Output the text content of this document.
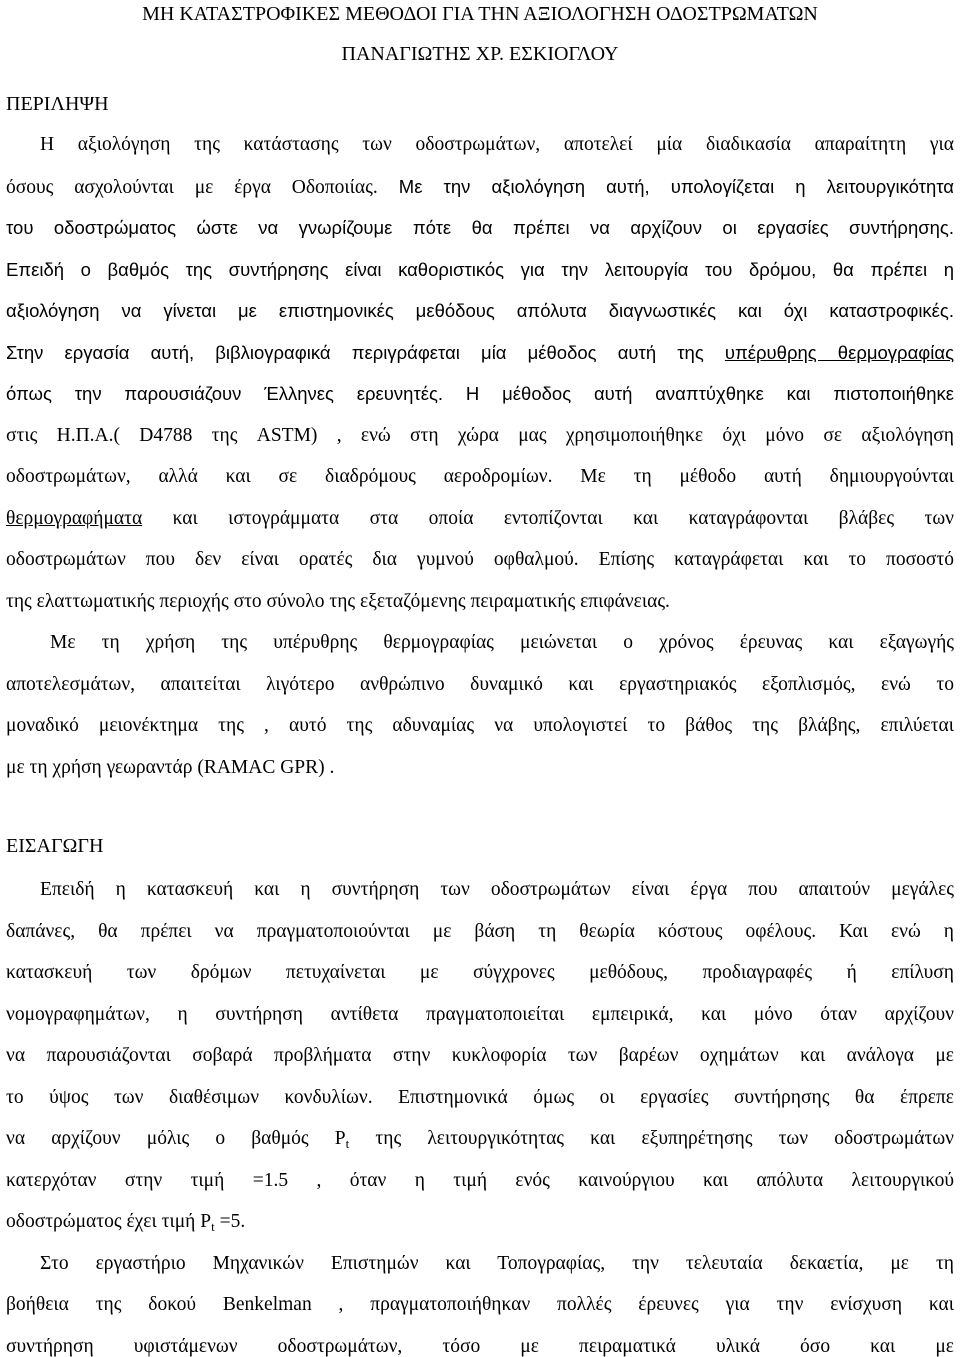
ΜΗ ΚΑΤΑΣΤΡΟΦΙΚΕΣ ΜΕΘΟΔΟΙ ΓΙΑ ΤΗΝ ΑΞΙΟΛΟΓΗΣΗ ΟΔΟΣΤΡΩΜΑΤΩΝ
ΠΑΝΑΓΙΩΤΗΣ ΧΡ. ΕΣΚΙΟΓΛΟΥ
ΠΕΡΙΛΗΨΗ
Η αξιολόγηση της κατάστασης των οδοστρωμάτων, αποτελεί μία διαδικασία απαραίτητη για
όσους ασχολούνται με έργα Οδοποιίας. Με την αξιολόγηση αυτή, υπολογίζεται η λειτουργικότητα
του οδοστρώματος ώστε να γνωρίζουμε πότε θα πρέπει να αρχίζουν οι εργασίες συντήρησης.
Επειδή ο βαθμός της συντήρησης είναι καθοριστικός για την λειτουργία του δρόμου, θα πρέπει η
αξιολόγηση να γίνεται με επιστημονικές μεθόδους απόλυτα διαγνωστικές και όχι καταστροφικές.
Στην εργασία αυτή, βιβλιογραφικά περιγράφεται μία μέθοδος αυτή της υπέρυθρης θερμογραφίας
όπως την παρουσιάζουν Έλληνες ερευνητές. Η μέθοδος αυτή αναπτύχθηκε και πιστοποιήθηκε
στις Η.Π.Α.( D4788 της ASTM) , ενώ στη χώρα μας χρησιμοποιήθηκε όχι μόνο σε αξιολόγηση
οδοστρωμάτων, αλλά και σε διαδρόμους αεροδρομίων. Με τη μέθοδο αυτή δημιουργούνται
θερμογραφήματα και ιστογράμματα στα οποία εντοπίζονται και καταγράφονται βλάβες των
οδοστρωμάτων που δεν είναι ορατές δια γυμνού οφθαλμού. Επίσης καταγράφεται και το ποσοστό
της ελαττωματικής περιοχής στο σύνολο της εξεταζόμενης πειραματικής επιφάνειας.
Με τη χρήση της υπέρυθρης θερμογραφίας μειώνεται ο χρόνος έρευνας και εξαγωγής
αποτελεσμάτων, απαιτείται λιγότερο ανθρώπινο δυναμικό και εργαστηριακός εξοπλισμός, ενώ το
μοναδικό μειονέκτημα της , αυτό της αδυναμίας να υπολογιστεί το βάθος της βλάβης, επιλύεται
με τη χρήση γεωραντάρ (RAMAC GPR) .
ΕΙΣΑΓΩΓΗ
Επειδή η κατασκευή και η συντήρηση των οδοστρωμάτων είναι έργα που απαιτούν μεγάλες
δαπάνες, θα πρέπει να πραγματοποιούνται με βάση τη θεωρία κόστους οφέλους. Και ενώ η
κατασκευή των δρόμων πετυχαίνεται με σύγχρονες μεθόδους, προδιαγραφές ή επίλυση
νομογραφημάτων, η συντήρηση αντίθετα πραγματοποιείται εμπειρικά, και μόνο όταν αρχίζουν
να παρουσιάζονται σοβαρά προβλήματα στην κυκλοφορία των βαρέων οχημάτων και ανάλογα με
το ύψος των διαθέσιμων κονδυλίων. Επιστημονικά όμως οι εργασίες συντήρησης θα έπρεπε
να αρχίζουν μόλις ο βαθμός $P_t$ της λειτουργικότητας και εξυπηρέτησης των οδοστρωμάτων
κατερχόταν στην τιμή =1.5 , όταν η τιμή ενός καινούργιου και απόλυτα λειτουργικού
οδοστρώματος έχει τιμή $P_t =5$.
Στο εργαστήριο Μηχανικών Επιστημών και Τοπογραφίας, την τελευταία δεκαετία, με τη
βοήθεια της δοκού Benkelman , πραγματοποιήθηκαν πολλές έρευνες για την ενίσχυση και
συντήρηση υφιστάμενων οδοστρωμάτων, τόσο με πειραματικά υλικά όσο και με
